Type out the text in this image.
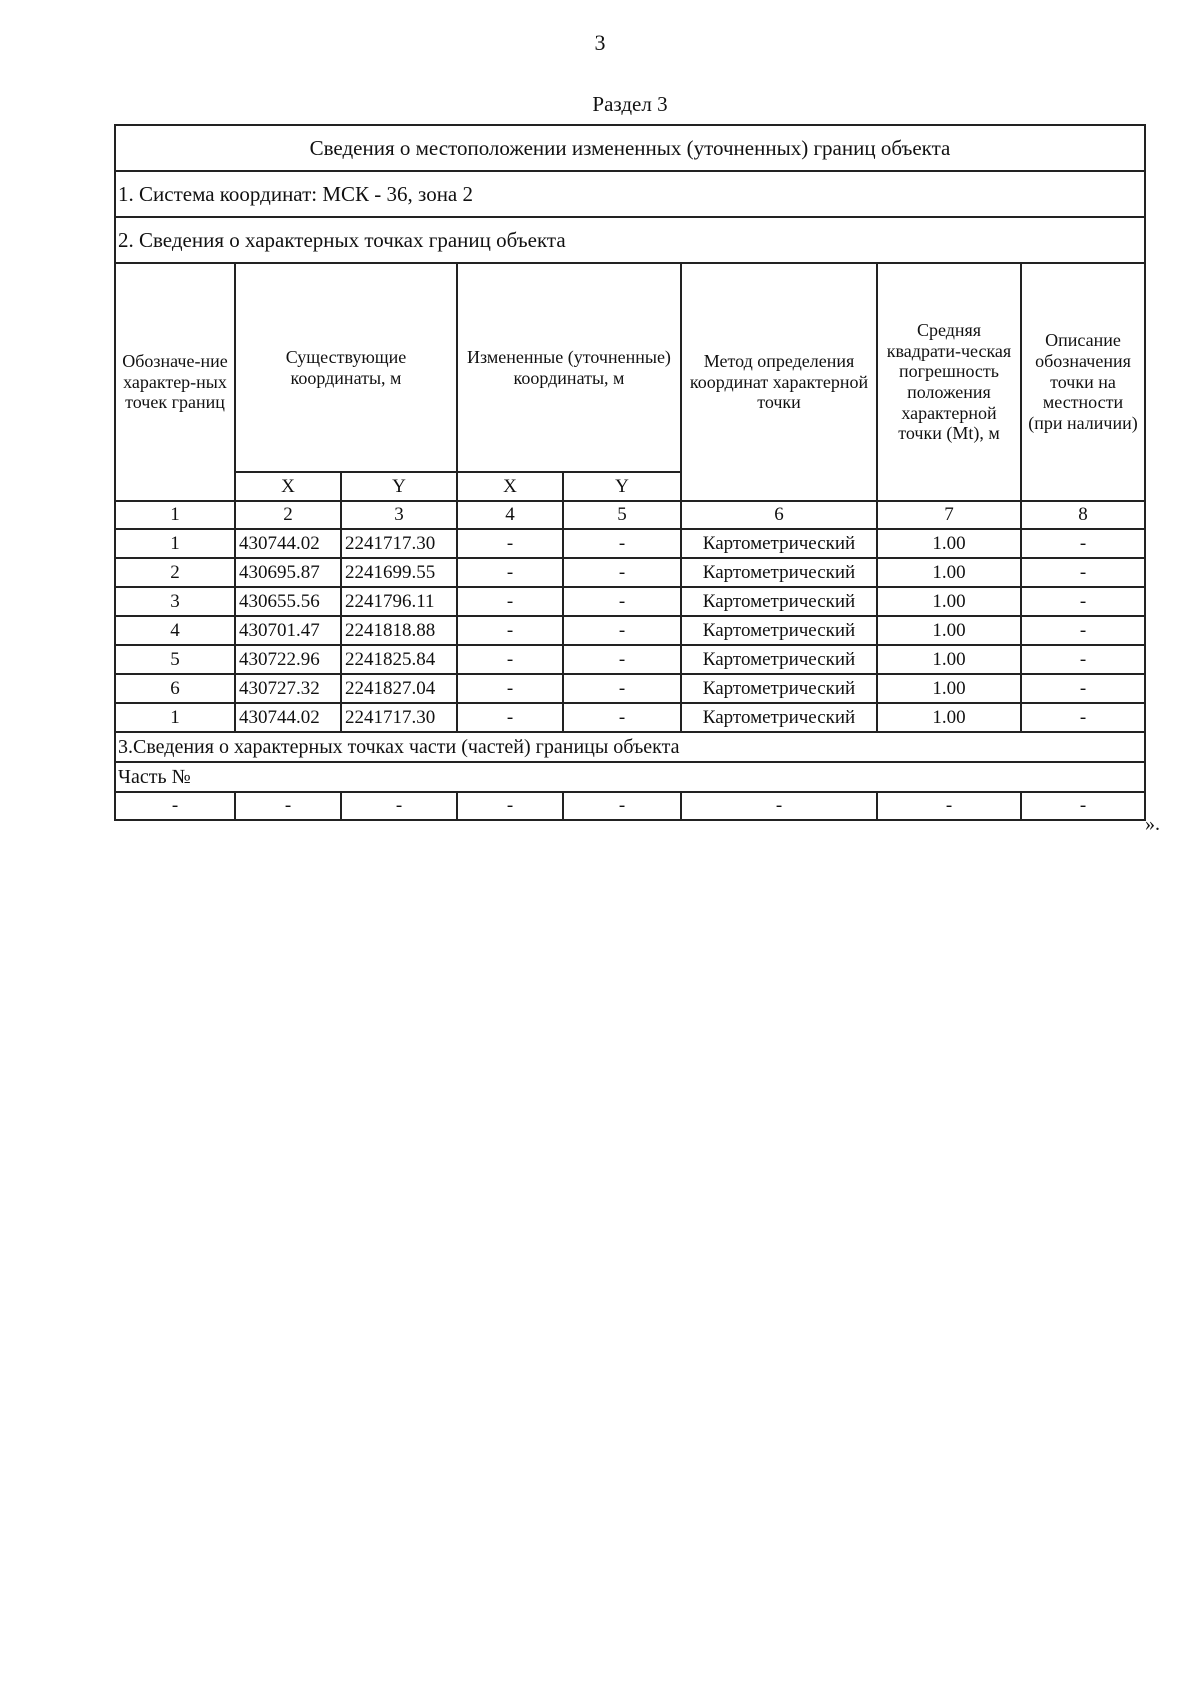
3
Раздел 3
Сведения о местоположении измененных (уточненных) границ объекта							
1. Система координат: МСК - 36, зона 2							
2. Сведения о характерных точках границ объекта							
Обозначе-ние характер-ных точек границ	Существующие координаты, м		Измененные (уточненные) координаты, м		Метод определения координат характерной точки	Средняя квадрати-ческая погрешность положения характерной точки (Mt), м	Описание обозначения точки на местности (при наличии)
	X	Y	X	Y			
1	2	3	4	5	6	7	8
1	430744.02	2241717.30	-	-	Картометрический	1.00	-
2	430695.87	2241699.55	-	-	Картометрический	1.00	-
3	430655.56	2241796.11	-	-	Картометрический	1.00	-
4	430701.47	2241818.88	-	-	Картометрический	1.00	-
5	430722.96	2241825.84	-	-	Картометрический	1.00	-
6	430727.32	2241827.04	-	-	Картометрический	1.00	-
1	430744.02	2241717.30	-	-	Картометрический	1.00	-
3.Сведения о характерных точках части (частей) границы объекта							
Часть №							
-	-	-	-	-	-	-	-
».
